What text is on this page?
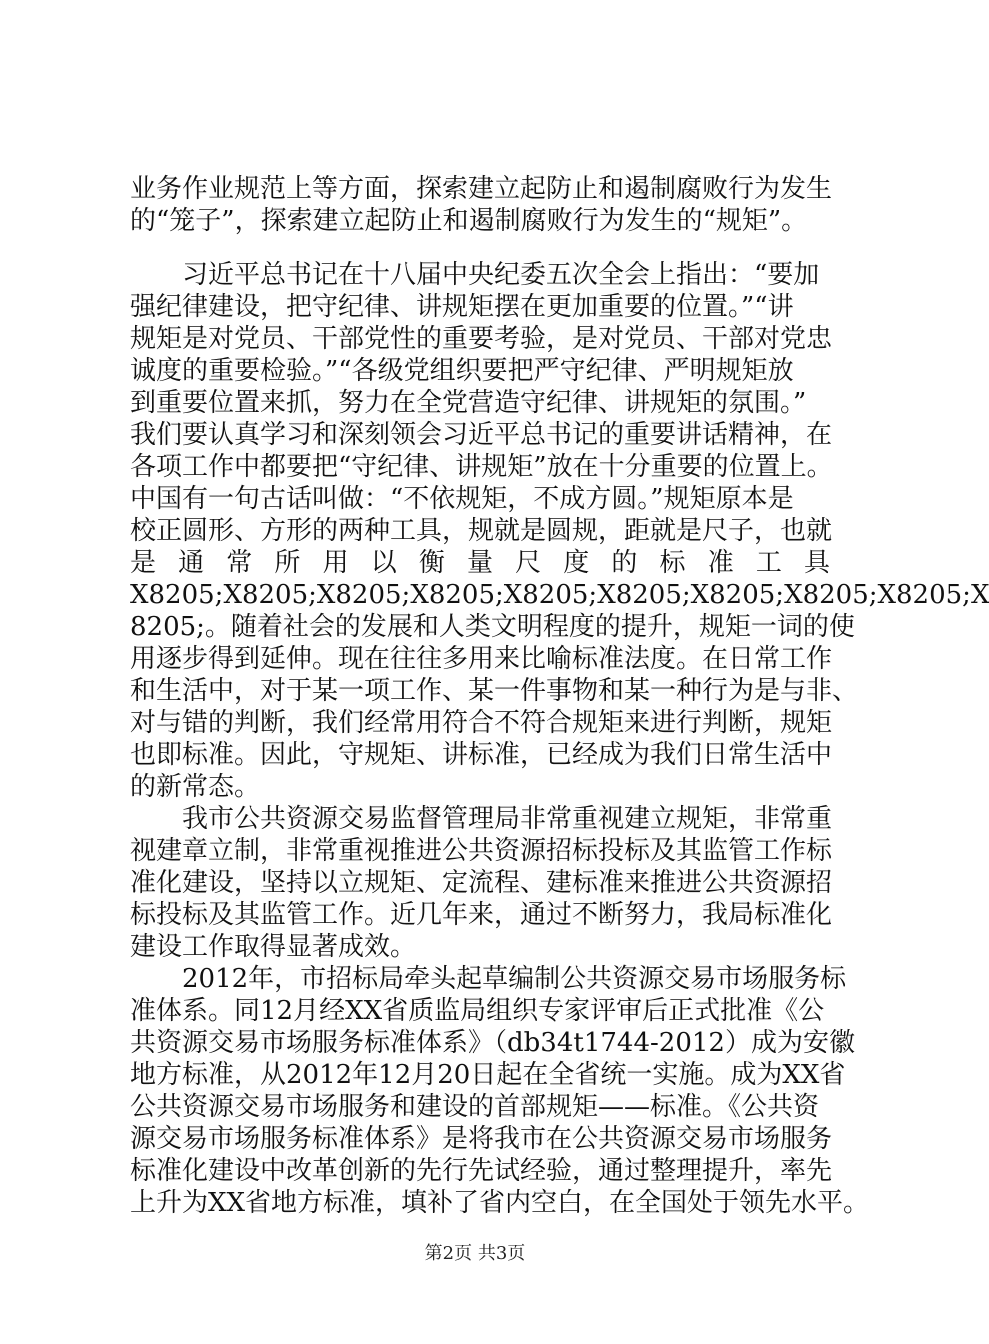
业务作业规范上等方面，探索建立起防止和遏制腐败行为发生
的“笼子”，探索建立起防止和遏制腐败行为发生的“规矩”。
　　习近平总书记在十八届中央纪委五次全会上指出：“要加
强纪律建设，把守纪律、讲规矩摆在更加重要的位置。”“讲
规矩是对党员、干部党性的重要考验，是对党员、干部对党忠
诚度的重要检验。”“各级党组织要把严守纪律、严明规矩放
到重要位置来抓，努力在全党营造守纪律、讲规矩的氛围。”
我们要认真学习和深刻领会习近平总书记的重要讲话精神，在
各项工作中都要把“守纪律、讲规矩”放在十分重要的位置上。
中国有一句古话叫做：“不依规矩，不成方圆。”规矩原本是
校正圆形、方形的两种工具，规就是圆规，距就是尺子，也就
是通常所用以衡量尺度的标准工具
X8205;X8205;X8205;X8205;X8205;X8205;X8205;X8205;X8205;X
8205;。随着社会的发展和人类文明程度的提升，规矩一词的使
用逐步得到延伸。现在往往多用来比喻标准法度。在日常工作
和生活中，对于某一项工作、某一件事物和某一种行为是与非、
对与错的判断，我们经常用符合不符合规矩来进行判断，规矩
也即标准。因此，守规矩、讲标准，已经成为我们日常生活中
的新常态。
　　我市公共资源交易监督管理局非常重视建立规矩，非常重
视建章立制，非常重视推进公共资源招标投标及其监管工作标
准化建设，坚持以立规矩、定流程、建标准来推进公共资源招
标投标及其监管工作。近几年来，通过不断努力，我局标准化
建设工作取得显著成效。
　　2012年，市招标局牵头起草编制公共资源交易市场服务标
准体系。同12月经XX省质监局组织专家评审后正式批准《公
共资源交易市场服务标准体系》（db34t1744-2012）成为安徽
地方标准，从2012年12月20日起在全省统一实施。成为XX省
公共资源交易市场服务和建设的首部规矩——标准。《公共资
源交易市场服务标准体系》是将我市在公共资源交易市场服务
标准化建设中改革创新的先行先试经验，通过整理提升，率先
上升为XX省地方标准，填补了省内空白，在全国处于领先水平。
第2页 共3页
